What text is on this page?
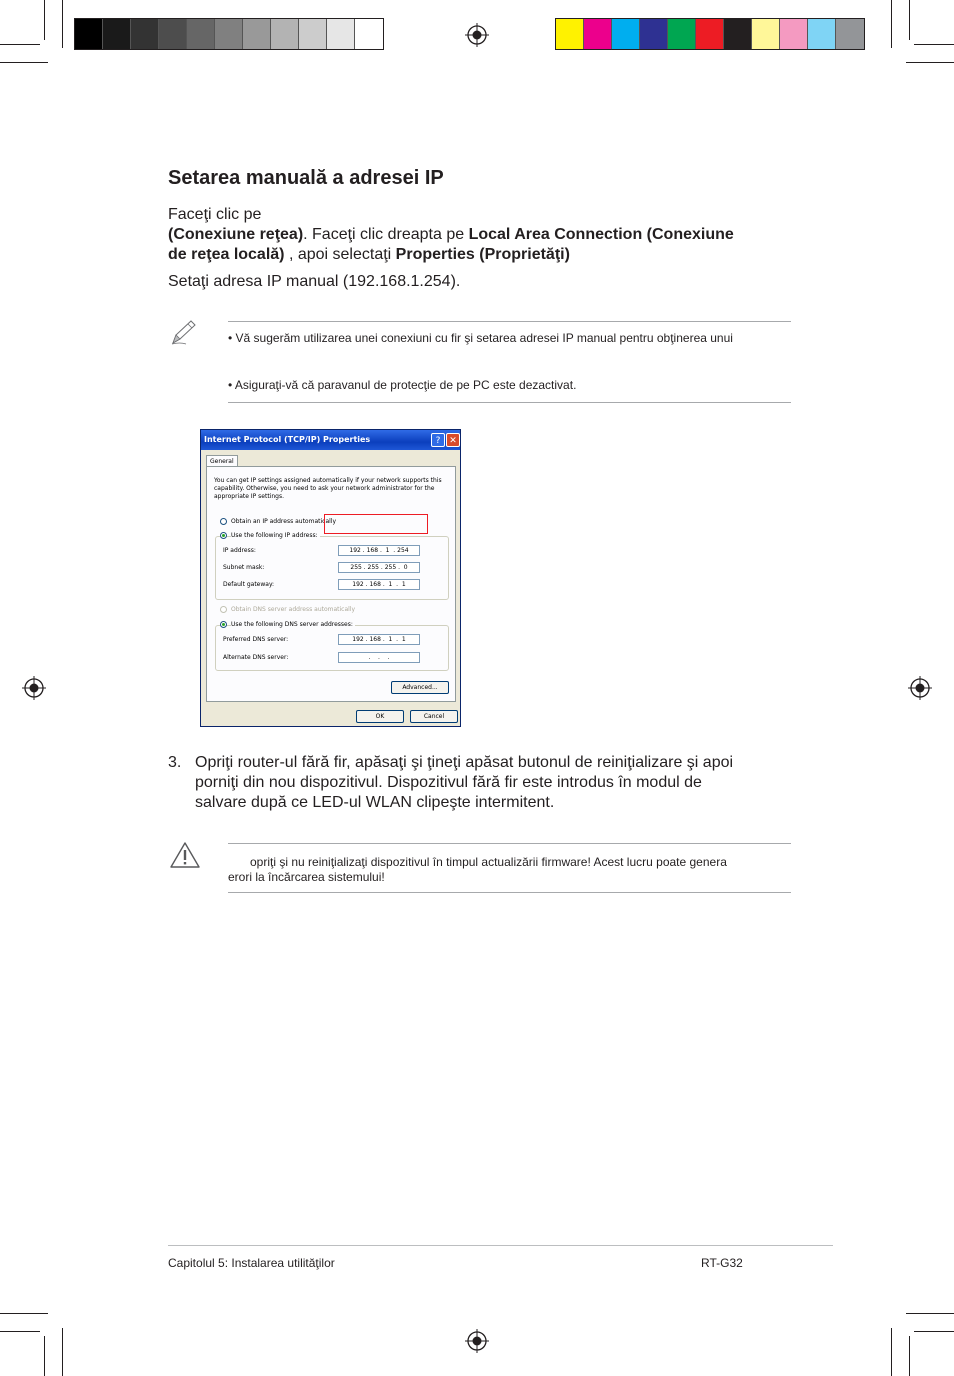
Setarea manuală a adresei IP
Faceţi clic pe
(Conexiune reţea). Faceţi clic dreapta pe Local Area Connection (Conexiune
de reţea locală) , apoi selectaţi Properties (Proprietăţi)
Setaţi adresa IP manual (192.168.1.254).
• Vă sugerăm utilizarea unei conexiuni cu fir şi setarea adresei IP manual pentru obţinerea unui
• Asiguraţi-vă că paravanul de protecţie de pe PC este dezactivat.
Internet Protocol (TCP/IP) Properties	? ✕
General
You can get IP settings assigned automatically if your network supports this capability. Otherwise, you need to ask your network administrator for the appropriate IP settings.
Obtain an IP address automatically
Use the following IP address:
IP address:	192 . 168 .  1  . 254
Subnet mask:	255 . 255 . 255 .  0
Default gateway:	192 . 168 .  1  .  1
Obtain DNS server address automatically
Use the following DNS server addresses:
Preferred DNS server:	192 . 168 .  1  .  1
Alternate DNS server:	.    .    .
Advanced...
OK	Cancel
3. Opriţi router-ul fără fir, apăsaţi şi ţineţi apăsat butonul de reiniţializare şi apoi
porniţi din nou dispozitivul. Dispozitivul fără fir este introdus în modul de
salvare după ce LED-ul WLAN clipeşte intermitent.
opriţi şi nu reiniţializaţi dispozitivul în timpul actualizării firmware! Acest lucru poate genera
erori la încărcarea sistemului!
Capitolul 5: Instalarea utilităţilor	RT-G32
